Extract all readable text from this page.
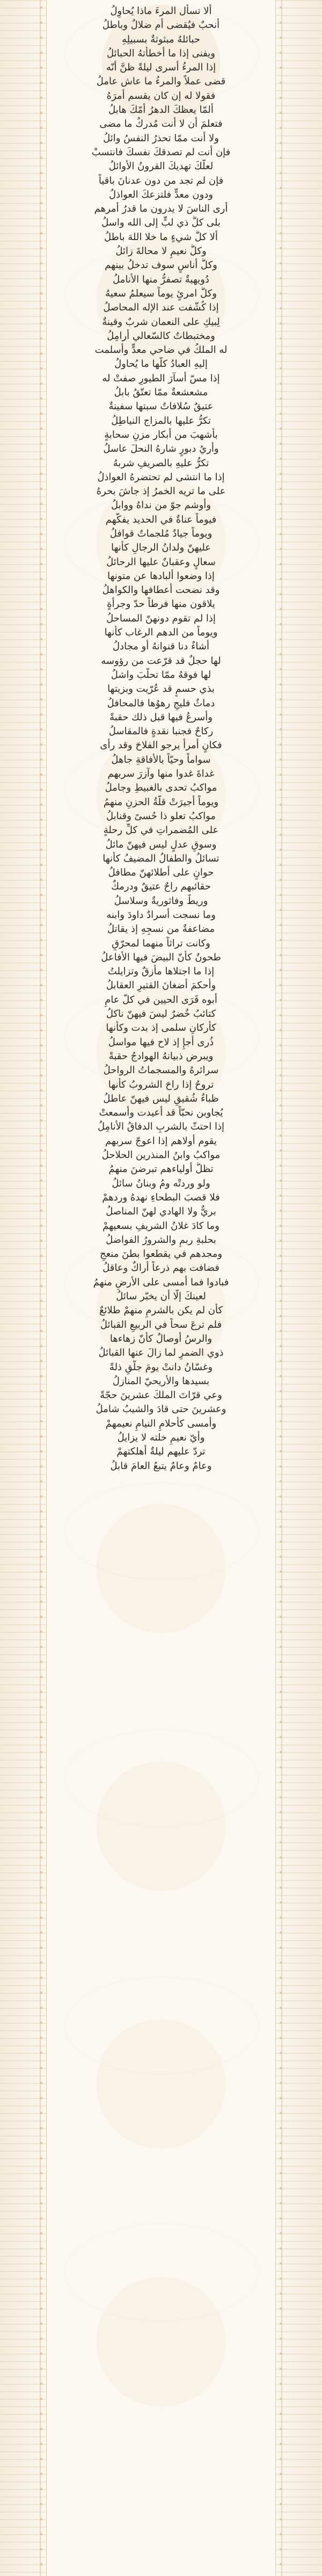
ألا تسأل المرءَ ماذا يُحاوِلُ
أنحبٌ فيُقضى أم ضلالٌ وباطلُ
حبائلهُ مبثوثةٌ بسبيلِهِ
ويفنى إذا ما أخطأتهُ الحبائلُ
إذا المرءُ أسرى ليلةً ظنَّ أنّه
قضى عملاً والمرءُ ما عاش عاملُ
فقولا له إن كان يقسم أمرَهُ
ألمّا يعظكَ الدهرُ أمّكَ هابلُ
فتعلمَ أن لا أنت مُدركُ ما مضى
ولا أنت ممّا تحذرُ النفسُ وائلُ
فإن أنت لم تصدقكَ نفسكَ فانتسبْ
لعلّكَ تهديكَ القرونُ الأوائلُ
فإن لم تجد من دون عدنانَ باقياً
ودون معدٍّ فلتزعكَ العواذلُ
أرى الناسَ لا يدرون ما قدرُ أمرهم
بلى كلُّ ذي لبٍّ إلى الله واسلُ
ألا كلُّ شيءٍ ما خلا اللهَ باطلُ
وكلُّ نعيمٍ لا محالةَ زائلُ
وكلُّ أناسٍ سوف تدخلُ بينهم
دُويهيةٌ تصفرُّ منها الأناملُ
وكلُّ امرئٍ يوماً سيعلمُ سعيهُ
إذا كُشّفت عند الإله المحاصلُ
لِبيكِ على النعمان شربٌ وقينةٌ
ومختبطاتٌ كالسّعالي أرامِلُ
له الملكُ في ضاحي معدٍّ وأسلمت
إليهِ العبادُ كلّها ما يُحاولُ
إذا مسّ أسآرَ الطيورِ صفتْ له
مشعشعةٌ ممّا تعتّقُ بابلُ
عتيقٌ سُلافاتٌ سبتها سفينةٌ
تكرُّ عليها بالمزاج النياطِلُ
بأشهبَ من أبكار مزنِ سحابةٍ
وأريُ دبورٍ شارهُ النحلَ عاسلُ
تكرُّ عليهِ بالصريفِ شربهُ
إذا ما انتشى لم تحتضرهُ العواذلُ
على ما تريه الخمرُ إذ جاشَ بحرهُ
وأوشم جوّ من نداهُ ووابلُ
فيوماً عناةٌ في الحديد يفكّهم
ويوماً جيادٌ مُلجماتٌ قوافلُ
عليهنّ ولدانُ الرجالِ كأنها
سعالٍ وعقبانٌ عليها الرحائلُ
إذا وضعوا ألبادها عن متونها
وقد نضحت أعطافها والكواهلُ
يلاقون منها فرطاً حدّ وجرأةٍ
إذا لم تقوم دونهنّ المساحلُ
ويوماً من الدهم الرغاب كأنها
أشاءٌ دنا قنوانهُ أو مجادلُ
لها حجلٌ قد قرّعت من رؤوسه
لها فوقهُ ممّا تحلّبَ واشلُ
بذي حسمٍ قد عُرّيت وبزيتها
دماثٌ فليجٍ رهوُها فالمحافلُ
وأسرعُ فيها قبل ذلك حقبةً
ركاحٌ فجنبا نقدةٍ فالمقاسلُ
فكانٍ أمرأً يرجو الفلاحَ وقد رأى
سواماً وحيّاً بالأفاقةِ جاهلُ
غداةَ غدوا منها وآزرَ سربهم
مواكبُ تحدى بالغبيطِ وجاملُ
ويوماً أجيرَتْ قلّةُ الحزنِ منهمُ
مواكبُ تعلو ذا حُسىً وقنابلُ
على المُضمراتِ في كلِّ رحلةٍ
وسوقٍ عدلٍ ليس فيهنّ مائلُ
تسائلُ والطفالُ المضيفُ كأنها
حوانٍ على أطلائهنّ مطافلُ
حقائبهم راحٌ عتيقٌ ودرمكٌ
وريطٌ وفاثوريةٌ وسلاسلُ
وما نسجت أسرادٌ داودَ وابنه
مضاعفةٌ من نسجِهِ إذ يقاتلُ
وكانت تراثاً منهما لمحرّقٍ
طحونٌ كأنّ البيضَ فيها الأفاعلُ
إذا ما اجتلاها مأزقٌ وتزايلتُ
وأحكمَ أضغانَ القتيرِ العقابلُ
أبوه قَرَى الحيين في كلّ عامٍ
كتائبُ خُضرٌ ليسَ فيهنّ ناكلُ
كأركانِ سلمى إذ بدت وكأنها
ذُرى أجإٍ إذ لاح فيها مواسلُ
ويبرض ذبيانهُ الهوادجُ حقبةً
سرائرهُ والمسجماتُ الرواحلُ
تروحُ إذا راحَ الشروبُ كأنها
ظباءٌ شُقيقٍ ليس فيهنّ عاطلُ
يُجاوبن نحبّاً قد أعيدت وأسمعتْ
إذا احتثّ بالشربِ الدفاقُ الأنامِلُ
يقوم أولاهم إذا اعوجّ سربهم
مواكبُ وابنُ المنذرين الحلاحلُ
تظلُّ أولياءهم تبرضنَ منهمُ
ولو وردتْه ومُ وبنانُ سائلُ
فلا قصبَ البطحاءِ نهدهُ وردهمْ
بريٌّ ولا الهادي لهنّ المناصلُ
وما كادَ غلانُ الشريفِ بسعيهمْ
بحلبةِ ربمٍ والشرورُ الفواضلُ
ومجدهم في يقطعوا بطنَ منعجٍ
فضافت بهم ذرعاً أراكٌ وعاقلُ
فبادوا فما أمسى على الأرضِ منهمُ
لعينكَ إلّا أن يخبّر سائلُ
كأن لم يكن بالشرمِ منهمْ طلائعٌ
فلم ترعَ سحاً في الربيعِ القبائلُ
والرسُ أوصالٌ كأنّ زهاءها
ذوي الضمرِ لما زالَ عنها القبائلُ
وغسّانُ دانتْ يومَ جلّقِ ذلةً
بسيدها والأريحيّ المنازلُ
وعي قرّاتَ الملكَ عشرينَ حجّةً
وعشرينَ حتى قادَ والشيبُ شاملُ
وأمسى كأحلامِ النيامِ نعيمهمْ
وأيّ نعيمٍ خلته لا يزايلُ
تردّ عليهم ليلةٌ أهلكتهمْ
وعامٌ وعامٌ يتبعُ العامَ قابلُ
